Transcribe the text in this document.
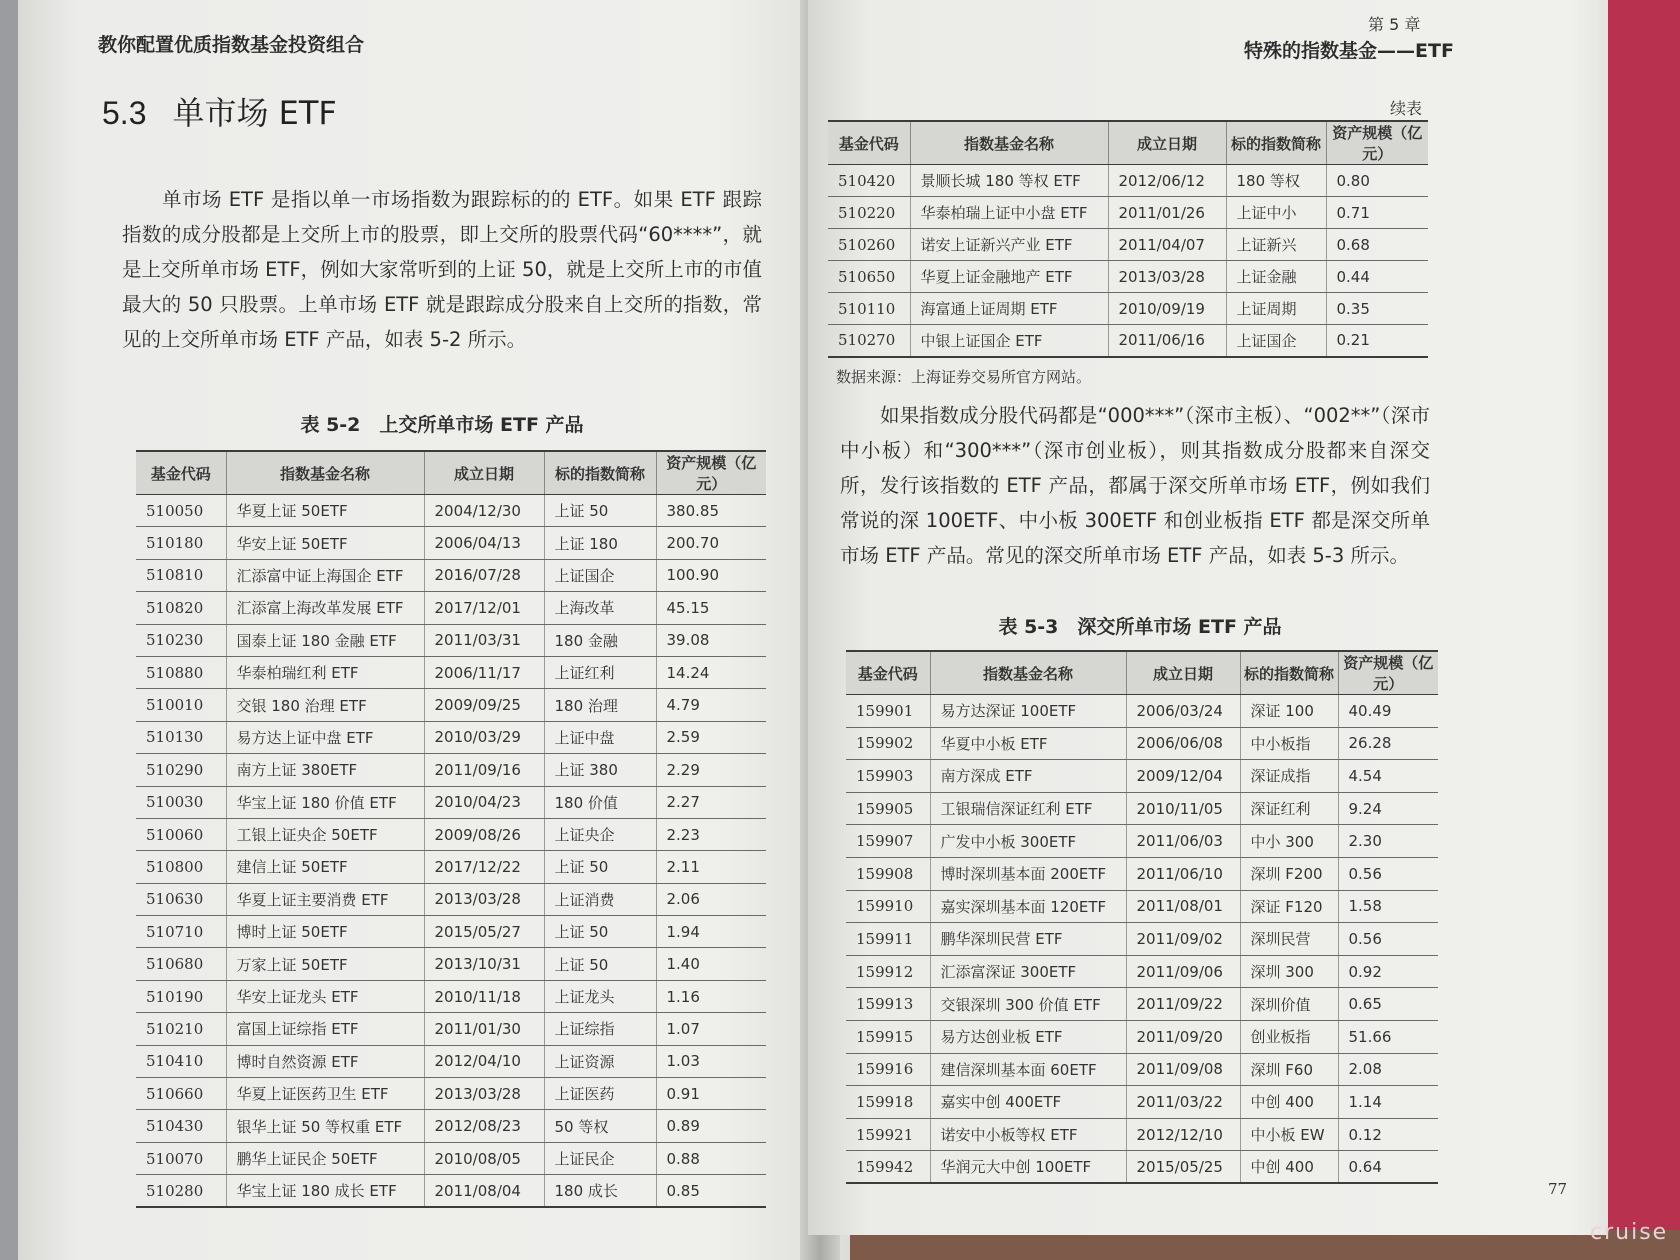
教你配置优质指数基金投资组合
5.3 单市场 ETF
单市场 ETF 是指以单一市场指数为跟踪标的的 ETF。如果 ETF 跟踪指数的成分股都是上交所上市的股票，即上交所的股票代码“60****”，就是上交所单市场 ETF，例如大家常听到的上证 50，就是上交所上市的市值最大的 50 只股票。上单市场 ETF 就是跟踪成分股来自上交所的指数，常见的上交所单市场 ETF 产品，如表 5-2 所示。
表 5-2　上交所单市场 ETF 产品
基金代码	指数基金名称	成立日期	标的指数简称	资产规模（亿元）
510050	华夏上证 50ETF	2004/12/30	上证 50	380.85
510180	华安上证 50ETF	2006/04/13	上证 180	200.70
510810	汇添富中证上海国企 ETF	2016/07/28	上证国企	100.90
510820	汇添富上海改革发展 ETF	2017/12/01	上海改革	45.15
510230	国泰上证 180 金融 ETF	2011/03/31	180 金融	39.08
510880	华泰柏瑞红利 ETF	2006/11/17	上证红利	14.24
510010	交银 180 治理 ETF	2009/09/25	180 治理	4.79
510130	易方达上证中盘 ETF	2010/03/29	上证中盘	2.59
510290	南方上证 380ETF	2011/09/16	上证 380	2.29
510030	华宝上证 180 价值 ETF	2010/04/23	180 价值	2.27
510060	工银上证央企 50ETF	2009/08/26	上证央企	2.23
510800	建信上证 50ETF	2017/12/22	上证 50	2.11
510630	华夏上证主要消费 ETF	2013/03/28	上证消费	2.06
510710	博时上证 50ETF	2015/05/27	上证 50	1.94
510680	万家上证 50ETF	2013/10/31	上证 50	1.40
510190	华安上证龙头 ETF	2010/11/18	上证龙头	1.16
510210	富国上证综指 ETF	2011/01/30	上证综指	1.07
510410	博时自然资源 ETF	2012/04/10	上证资源	1.03
510660	华夏上证医药卫生 ETF	2013/03/28	上证医药	0.91
510430	银华上证 50 等权重 ETF	2012/08/23	50 等权	0.89
510070	鹏华上证民企 50ETF	2010/08/05	上证民企	0.88
510280	华宝上证 180 成长 ETF	2011/08/04	180 成长	0.85
第 5 章
特殊的指数基金——ETF
续表
基金代码	指数基金名称	成立日期	标的指数简称	资产规模（亿元）
510420	景顺长城 180 等权 ETF	2012/06/12	180 等权	0.80
510220	华泰柏瑞上证中小盘 ETF	2011/01/26	上证中小	0.71
510260	诺安上证新兴产业 ETF	2011/04/07	上证新兴	0.68
510650	华夏上证金融地产 ETF	2013/03/28	上证金融	0.44
510110	海富通上证周期 ETF	2010/09/19	上证周期	0.35
510270	中银上证国企 ETF	2011/06/16	上证国企	0.21
数据来源：上海证券交易所官方网站。
如果指数成分股代码都是“000***”（深市主板）、“002**”（深市中小板）和“300***”（深市创业板），则其指数成分股都来自深交所，发行该指数的 ETF 产品，都属于深交所单市场 ETF，例如我们常说的深 100ETF、中小板 300ETF 和创业板指 ETF 都是深交所单市场 ETF 产品。常见的深交所单市场 ETF 产品，如表 5-3 所示。
表 5-3　深交所单市场 ETF 产品
基金代码	指数基金名称	成立日期	标的指数简称	资产规模（亿元）
159901	易方达深证 100ETF	2006/03/24	深证 100	40.49
159902	华夏中小板 ETF	2006/06/08	中小板指	26.28
159903	南方深成 ETF	2009/12/04	深证成指	4.54
159905	工银瑞信深证红利 ETF	2010/11/05	深证红利	9.24
159907	广发中小板 300ETF	2011/06/03	中小 300	2.30
159908	博时深圳基本面 200ETF	2011/06/10	深圳 F200	0.56
159910	嘉实深圳基本面 120ETF	2011/08/01	深证 F120	1.58
159911	鹏华深圳民营 ETF	2011/09/02	深圳民营	0.56
159912	汇添富深证 300ETF	2011/09/06	深圳 300	0.92
159913	交银深圳 300 价值 ETF	2011/09/22	深圳价值	0.65
159915	易方达创业板 ETF	2011/09/20	创业板指	51.66
159916	建信深圳基本面 60ETF	2011/09/08	深圳 F60	2.08
159918	嘉实中创 400ETF	2011/03/22	中创 400	1.14
159921	诺安中小板等权 ETF	2012/12/10	中小板 EW	0.12
159942	华润元大中创 100ETF	2015/05/25	中创 400	0.64
77
cruise
